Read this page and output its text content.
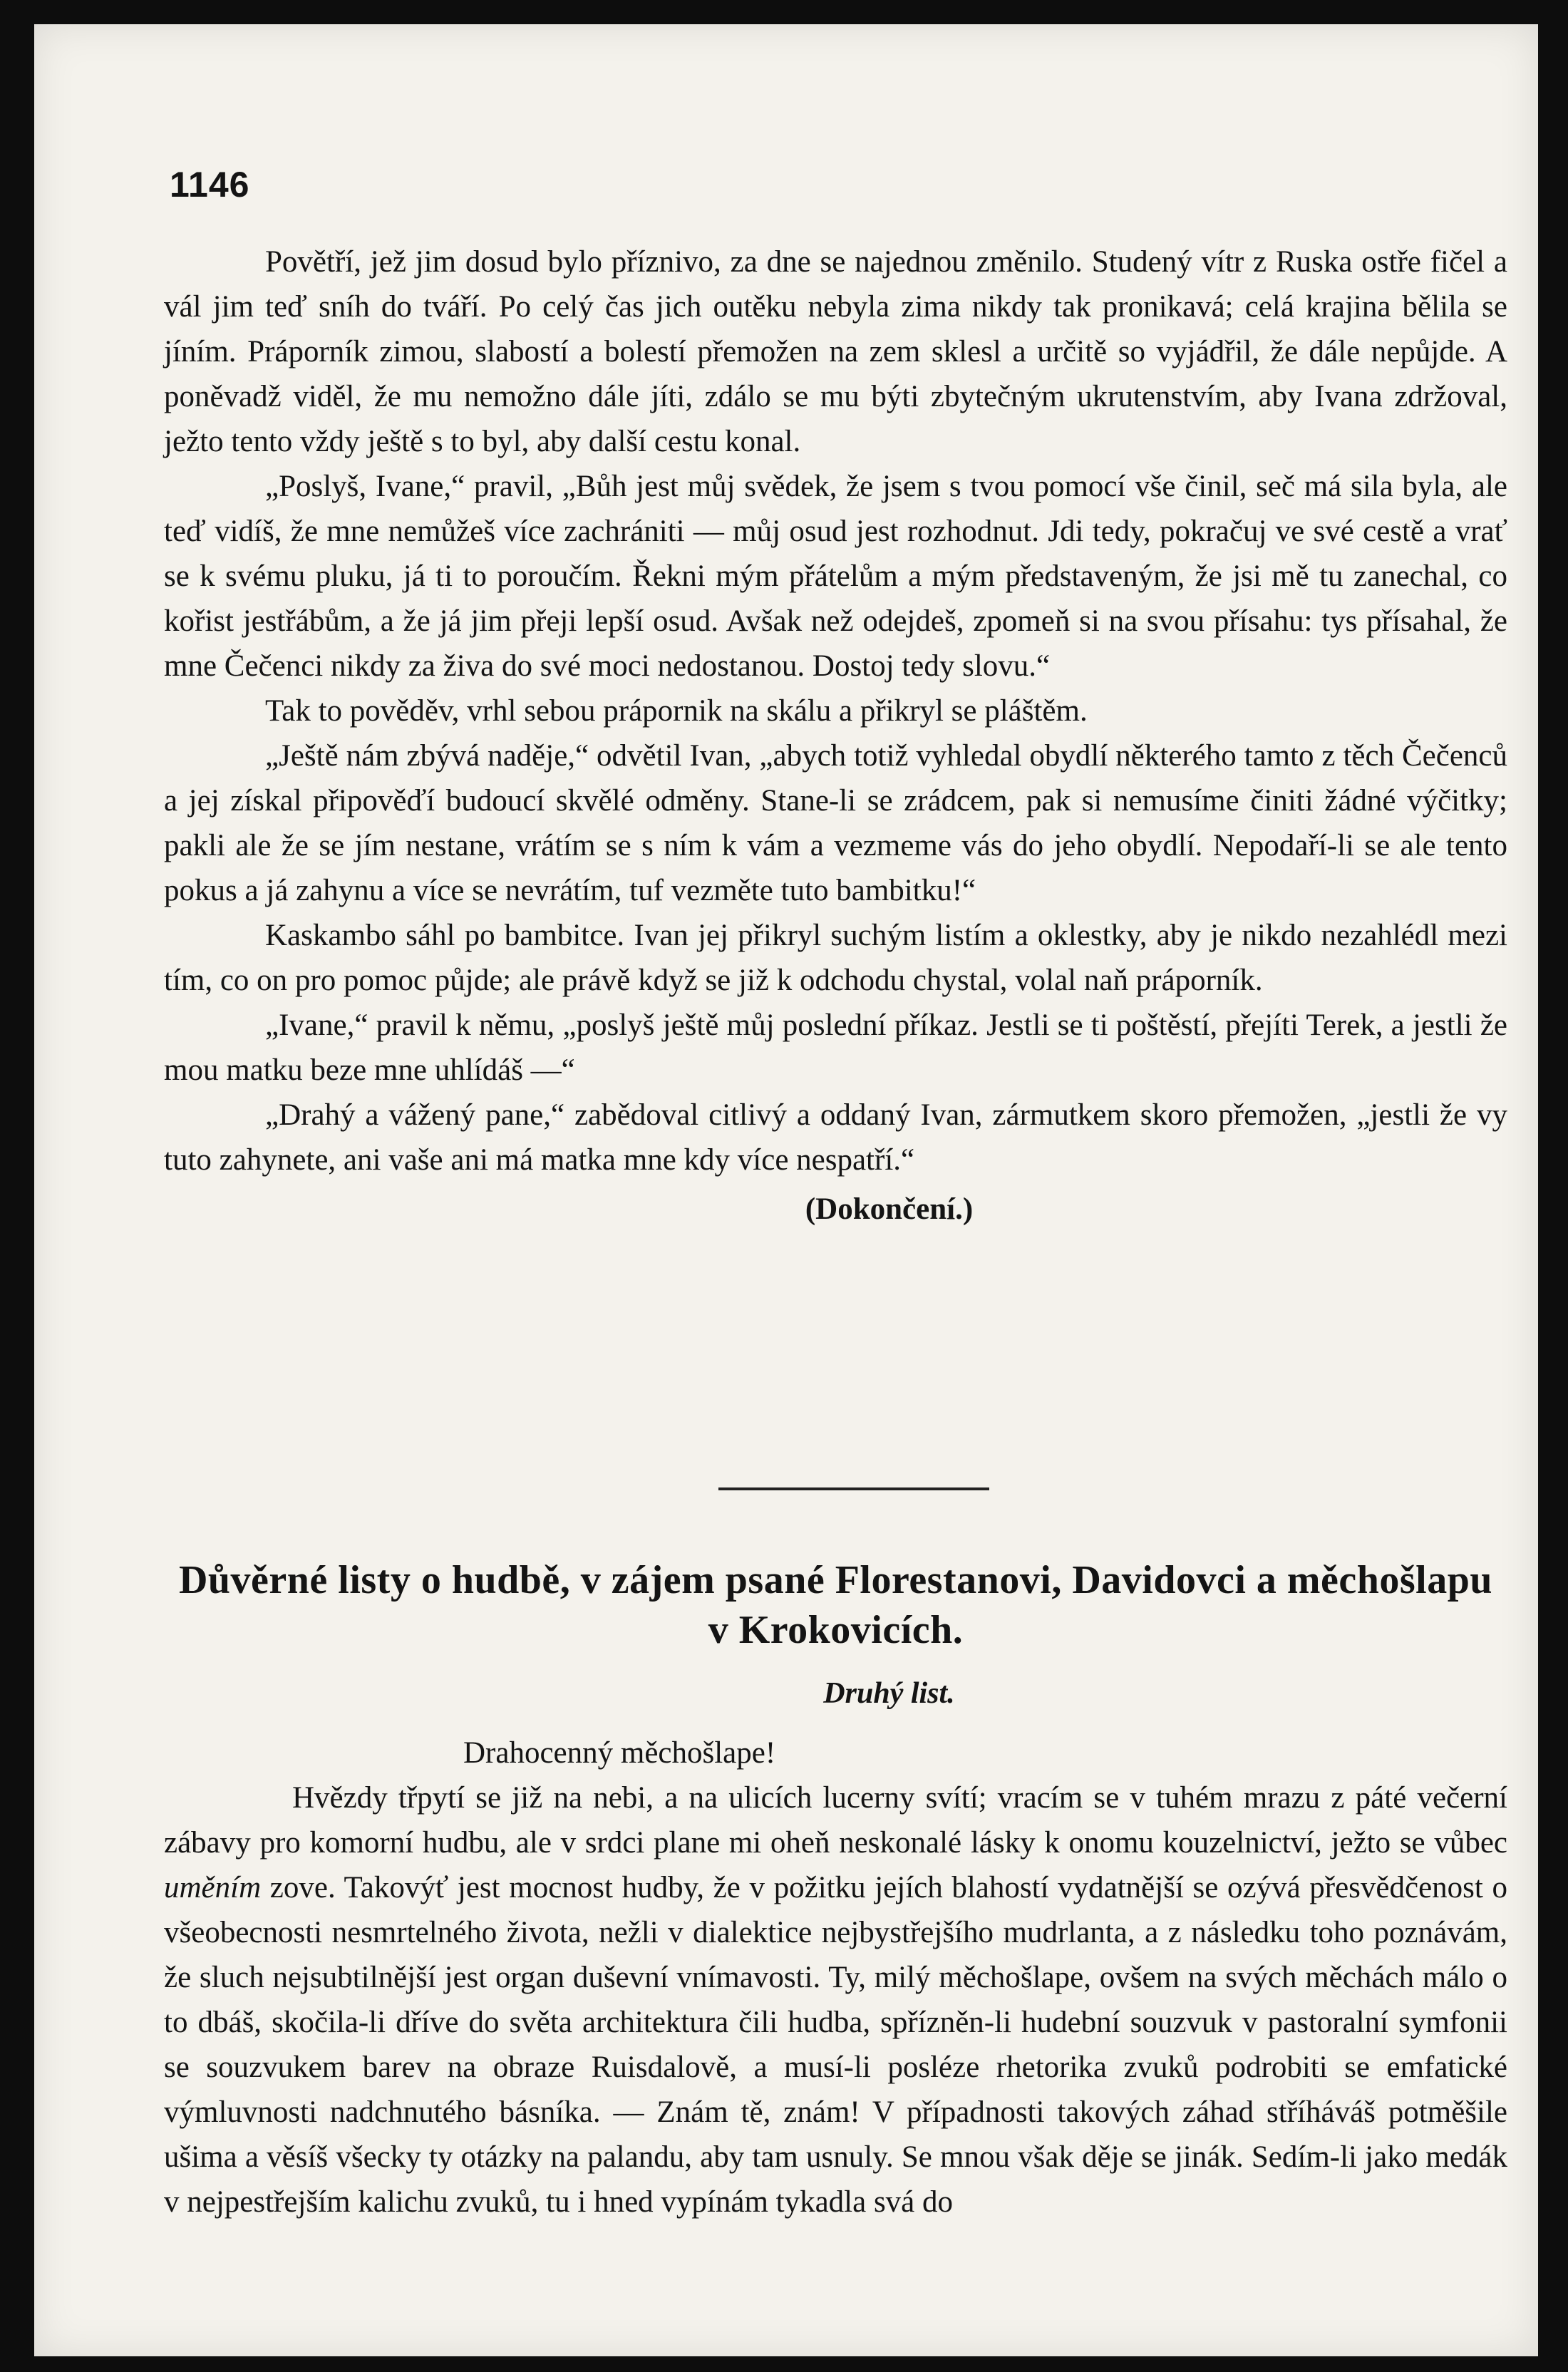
1146

Povětří, jež jim dosud bylo příznivo, za dne se najednou změnilo. Studený vítr z Ruska ostře fičel a vál jim teď sníh do tváří. Po celý čas jich outěku nebyla zima nikdy tak pronikavá; celá krajina bělila se jíním. Práporník zimou, slabostí a bolestí přemožen na zem sklesl a určitě so vyjádřil, že dále nepůjde. A poněvadž viděl, že mu nemožno dále jíti, zdálo se mu býti zbytečným ukrutenstvím, aby Ivana zdržoval, ježto tento vždy ještě s to byl, aby další cestu konal.

„Poslyš, Ivane,“ pravil, „Bůh jest můj svědek, že jsem s tvou pomocí vše činil, seč má sila byla, ale teď vidíš, že mne nemůžeš více zachrániti — můj osud jest rozhodnut. Jdi tedy, pokračuj ve své cestě a vrať se k svému pluku, já ti to poroučím. Řekni mým přátelům a mým představeným, že jsi mě tu zanechal, co kořist jestřábům, a že já jim přeji lepší osud. Avšak než odejdeš, zpomeň si na svou přísahu: tys přísahal, že mne Čečenci nikdy za živa do své moci nedostanou. Dostoj tedy slovu.“

Tak to pověděv, vrhl sebou prápornik na skálu a přikryl se pláštěm.

„Ještě nám zbývá naděje,“ odvětil Ivan, „abych totiž vyhledal obydlí některého tamto z těch Čečenců a jej získal připověďí budoucí skvělé odměny. Stane-li se zrádcem, pak si nemusíme činiti žádné výčitky; pakli ale že se jím nestane, vrátím se s ním k vám a vezmeme vás do jeho obydlí. Nepodaří-li se ale tento pokus a já zahynu a více se nevrátím, tuf vezměte tuto bambitku!“

Kaskambo sáhl po bambitce. Ivan jej přikryl suchým listím a oklestky, aby je nikdo nezahlédl mezi tím, co on pro pomoc půjde; ale právě když se již k odchodu chystal, volal naň práporník.

„Ivane,“ pravil k němu, „poslyš ještě můj poslední příkaz. Jestli se ti poštěstí, přejíti Terek, a jestli že mou matku beze mne uhlídáš —“

„Drahý a vážený pane,“ zabědoval citlivý a oddaný Ivan, zármutkem skoro přemožen, „jestli že vy tuto zahynete, ani vaše ani má matka mne kdy více nespatří.“

(Dokončení.)

Důvěrné listy o hudbě, v zájem psané Florestanovi, Davidovci a měchošlapu
v Krokovicích.
Druhý list.

Drahocenný měchošlape!

Hvězdy třpytí se již na nebi, a na ulicích lucerny svítí; vracím se v tuhém mrazu z páté večerní zábavy pro komorní hudbu, ale v srdci plane mi oheň neskonalé lásky k onomu kouzelnictví, ježto se vůbec uměním zove. Takovýť jest mocnost hudby, že v požitku jejích blahostí vydatnější se ozývá přesvědčenost o všeobecnosti nesmrtelného života, nežli v dialektice nejbystřejšího mudrlanta, a z následku toho poznávám, že sluch nejsubtilnější jest organ duševní vnímavosti. Ty, milý měchošlape, ovšem na svých měchách málo o to dbáš, skočila-li dříve do světa architektura čili hudba, spřízněn-li hudební souzvuk v pastoralní symfonii se souzvukem barev na obraze Ruisdalově, a musí-li posléze rhetorika zvuků podrobiti se emfatické výmluvnosti nadchnutého básníka. — Znám tě, znám! V případnosti takových záhad stříháváš potměšile ušima a věsíš všecky ty otázky na palandu, aby tam usnuly. Se mnou však děje se jinák. Sedím-li jako medák v nejpestřejším kalichu zvuků, tu i hned vypínám tykadla svá do
